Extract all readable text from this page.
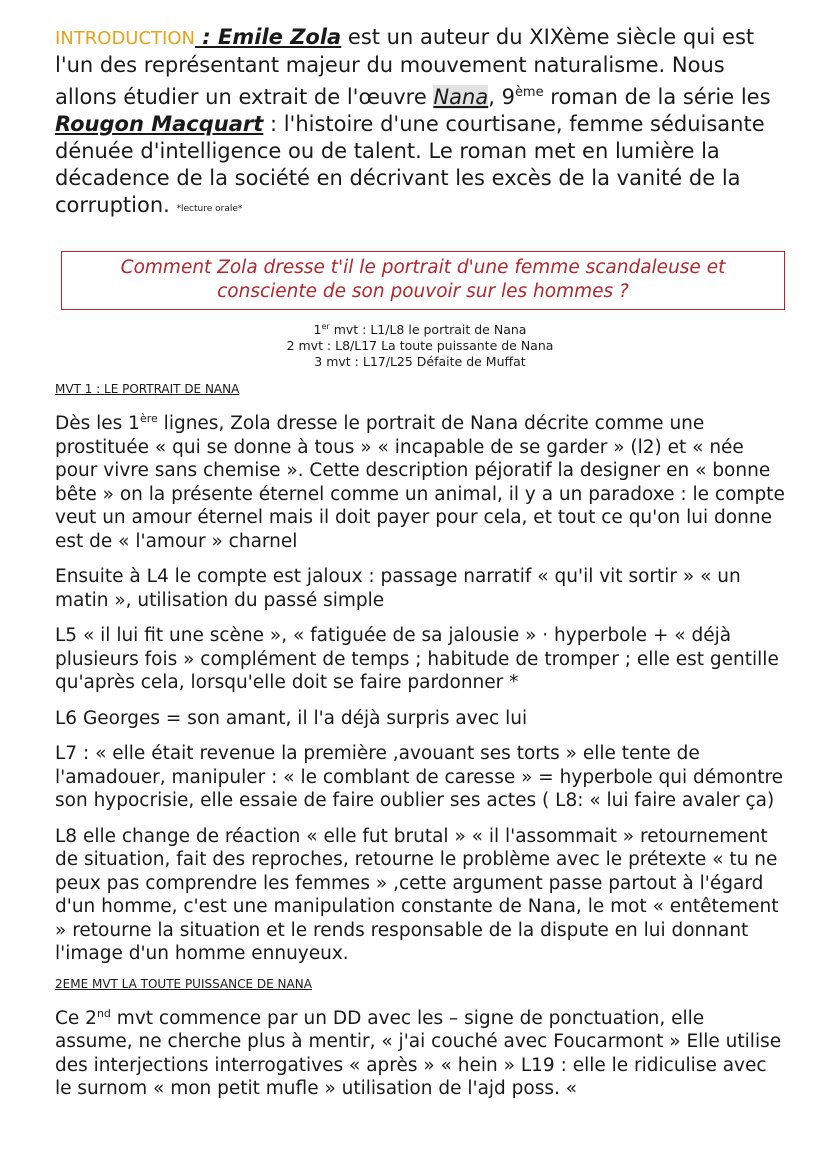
INTRODUCTION : Emile Zola est un auteur du XIXème siècle qui est l'un des représentant majeur du mouvement naturalisme. Nous allons étudier un extrait de l'œuvre Nana, 9ème roman de la série les Rougon Macquart : l'histoire d'une courtisane, femme séduisante dénuée d'intelligence ou de talent. Le roman met en lumière la décadence de la société en décrivant les excès de la vanité de la corruption. *lecture orale*

Comment Zola dresse t'il le portrait d'une femme scandaleuse et consciente de son pouvoir sur les hommes ?
1er mvt : L1/L8 le portrait de Nana
2 mvt : L8/L17 La toute puissante de Nana
3 mvt : L17/L25 Défaite de Muffat
MVT 1 : LE PORTRAIT DE NANA

Dès les 1ère lignes, Zola dresse le portrait de Nana décrite comme une prostituée « qui se donne à tous » « incapable de se garder » (l2) et « née pour vivre sans chemise ». Cette description péjoratif la designer en « bonne bête » on la présente éternel comme un animal, il y a un paradoxe : le compte veut un amour éternel mais il doit payer pour cela, et tout ce qu'on lui donne est de « l'amour » charnel

Ensuite à L4 le compte est jaloux : passage narratif « qu'il vit sortir » « un matin », utilisation du passé simple

L5 « il lui fit une scène », « fatiguée de sa jalousie » · hyperbole + « déjà plusieurs fois » complément de temps ; habitude de tromper ; elle est gentille qu'après cela, lorsqu'elle doit se faire pardonner *

L6 Georges = son amant, il l'a déjà surpris avec lui

L7 : « elle était revenue la première ,avouant ses torts » elle tente de l'amadouer, manipuler : « le comblant de caresse » = hyperbole qui démontre son hypocrisie, elle essaie de faire oublier ses actes ( L8: « lui faire avaler ça)

L8 elle change de réaction « elle fut brutal » « il l'assommait » retournement de situation, fait des reproches, retourne le problème avec le prétexte « tu ne peux pas comprendre les femmes » ,cette argument passe partout à l'égard d'un homme, c'est une manipulation constante de Nana, le mot « entêtement » retourne la situation et le rends responsable de la dispute en lui donnant l'image d'un homme ennuyeux.

2EME MVT LA TOUTE PUISSANCE DE NANA

Ce 2nd mvt commence par un DD avec les – signe de ponctuation, elle assume, ne cherche plus à mentir, « j'ai couché avec Foucarmont » Elle utilise des interjections interrogatives « après » « hein » L19 : elle le ridiculise avec le surnom « mon petit mufle » utilisation de l'ajd poss. «
